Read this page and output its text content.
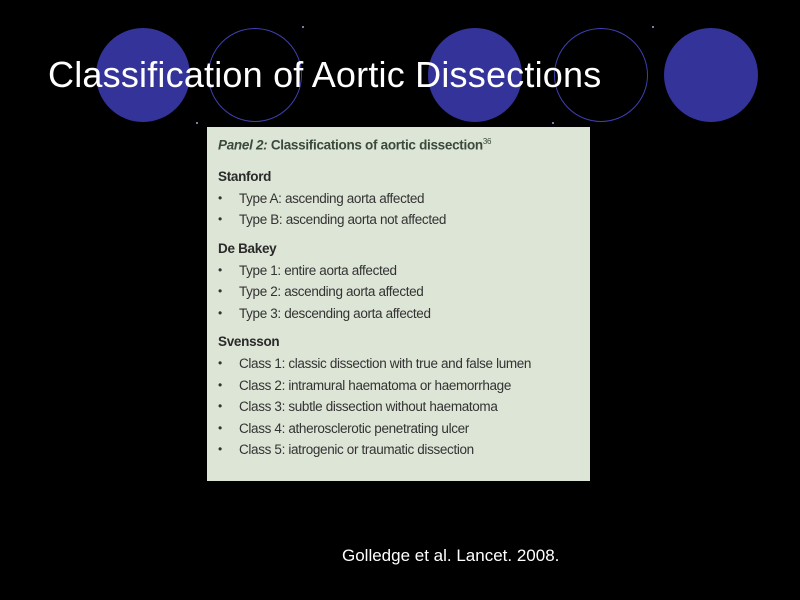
Classification of Aortic Dissections
Panel 2: Classifications of aortic dissection$^{36}$
Stanford
• Type A: ascending aorta affected
• Type B: ascending aorta not affected
De Bakey
• Type 1: entire aorta affected
• Type 2: ascending aorta affected
• Type 3: descending aorta affected
Svensson
• Class 1: classic dissection with true and false lumen
• Class 2: intramural haematoma or haemorrhage
• Class 3: subtle dissection without haematoma
• Class 4: atherosclerotic penetrating ulcer
• Class 5: iatrogenic or traumatic dissection

Golledge et al. Lancet. 2008.
